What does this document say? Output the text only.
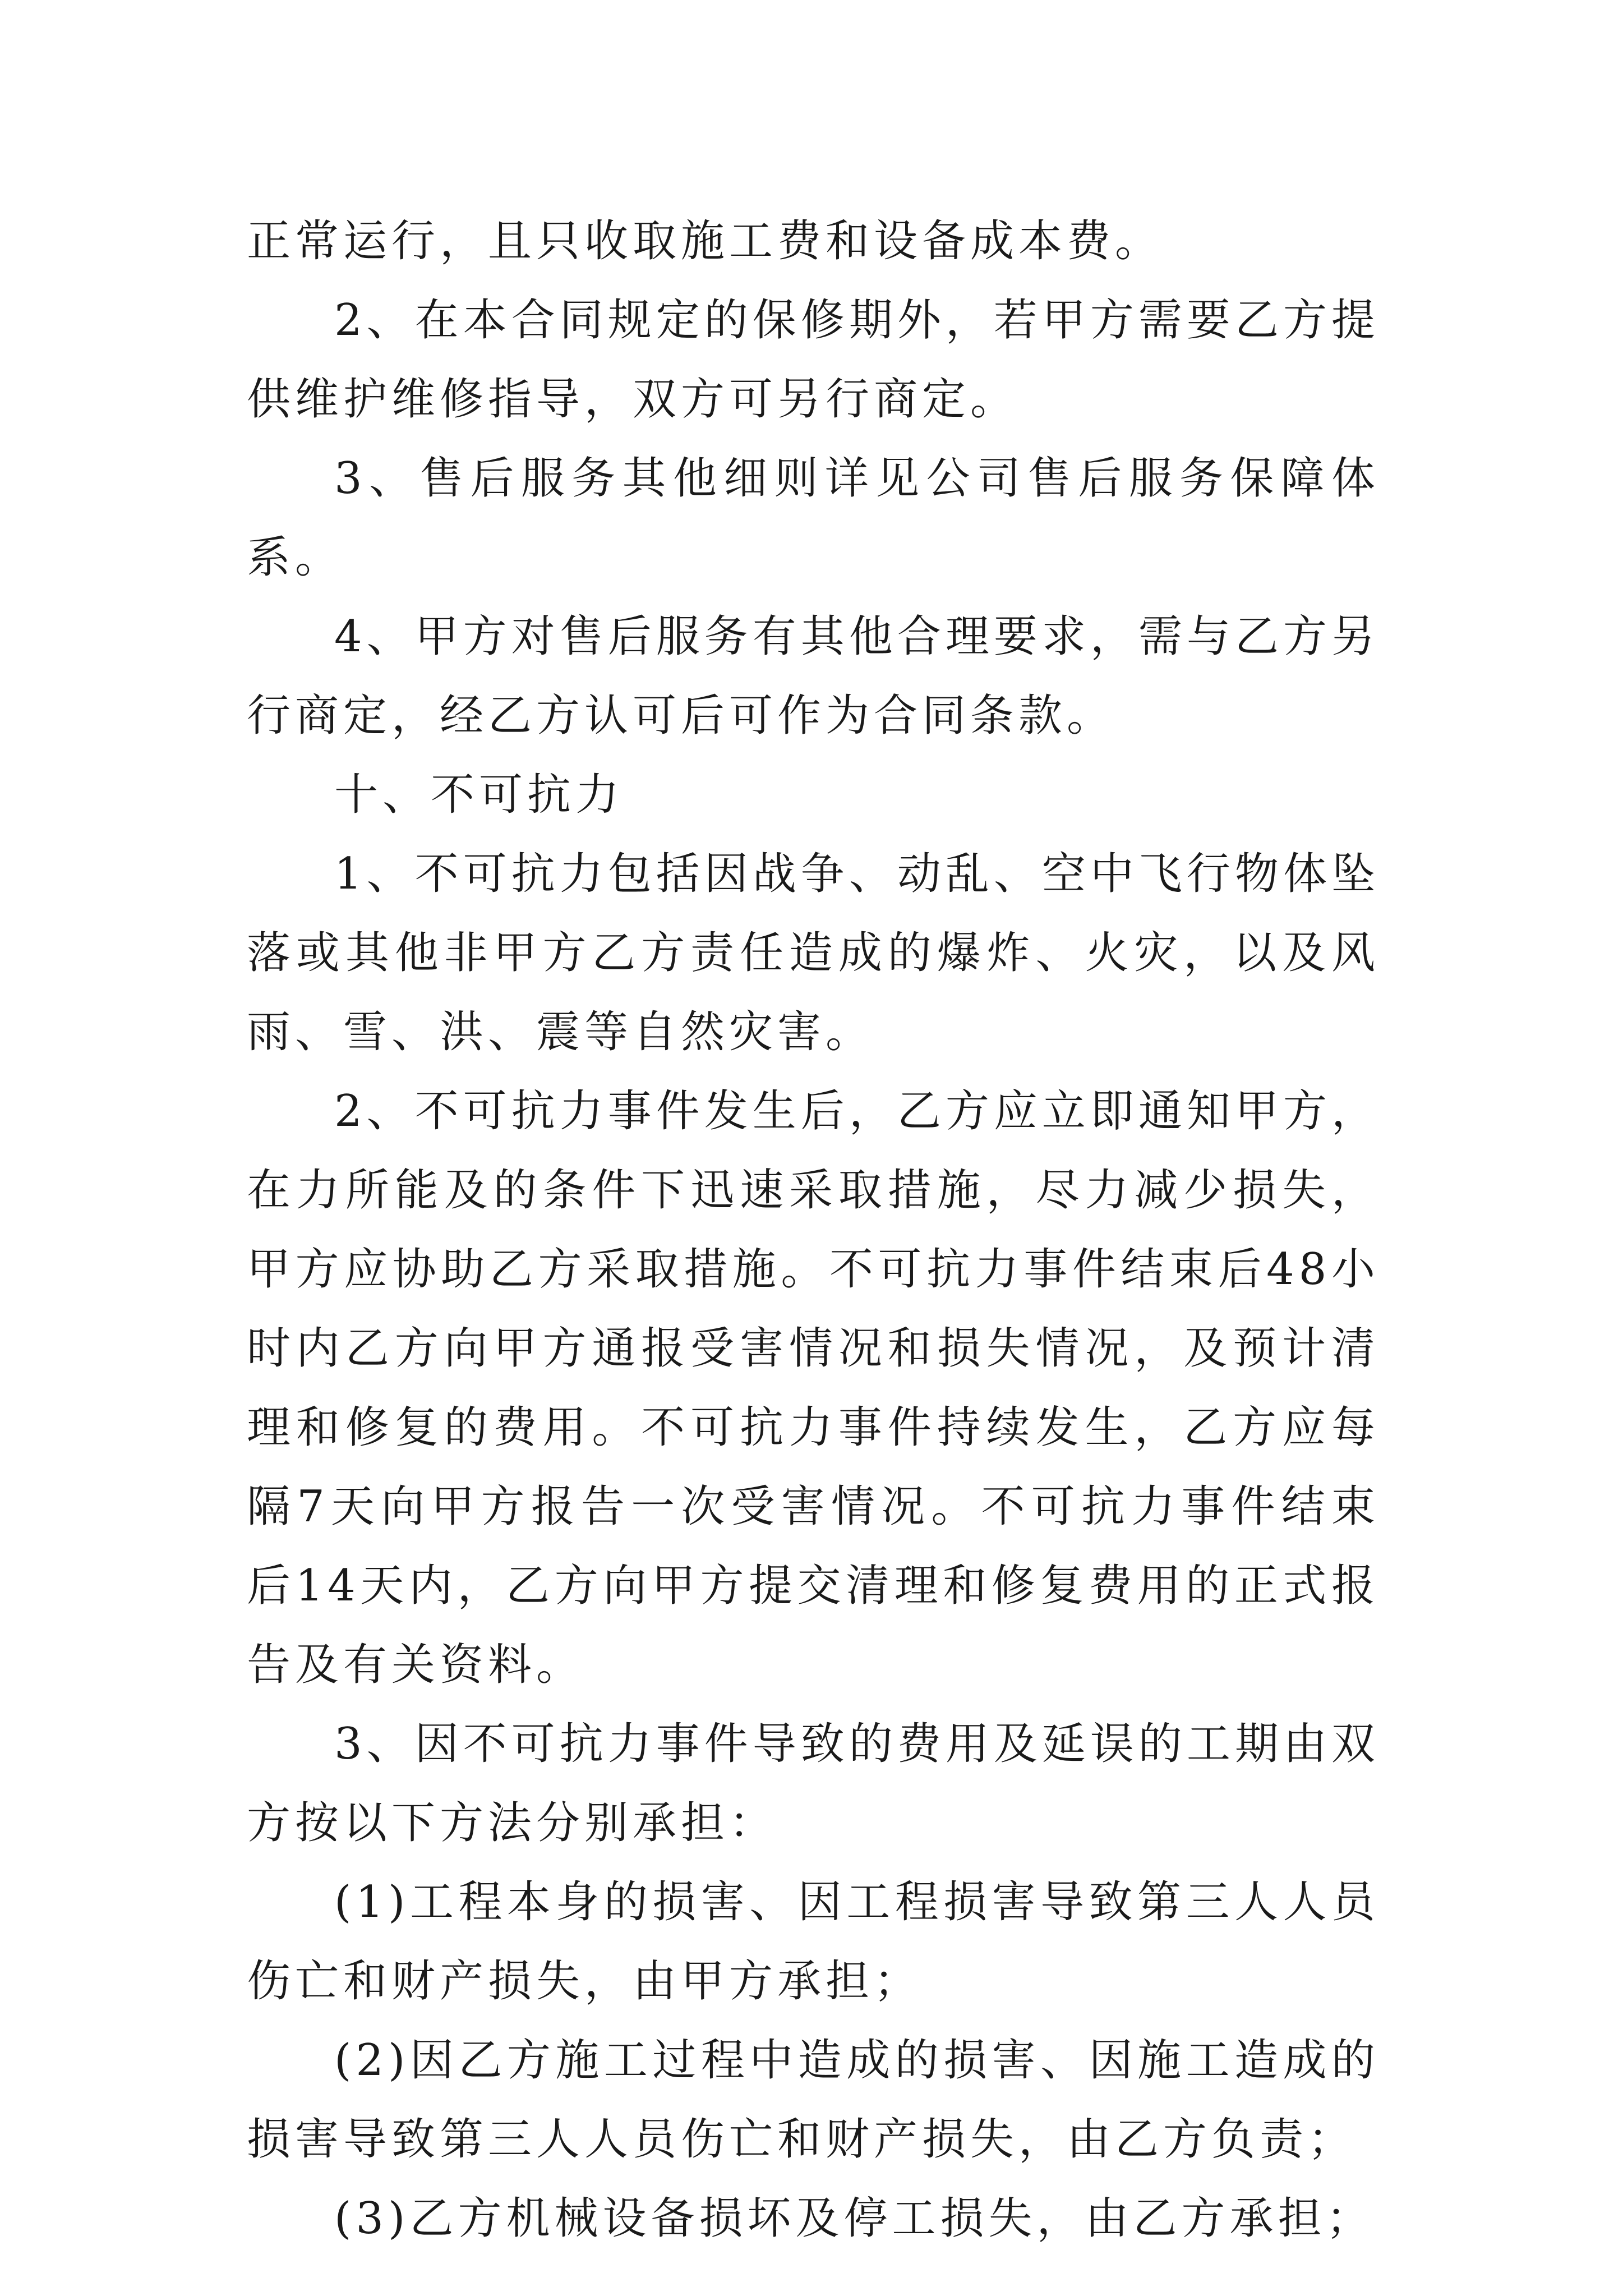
正常运行，且只收取施工费和设备成本费。

2、在本合同规定的保修期外，若甲方需要乙方提供维护维修指导，双方可另行商定。

3、售后服务其他细则详见公司售后服务保障体系。

4、甲方对售后服务有其他合理要求，需与乙方另行商定，经乙方认可后可作为合同条款。

十、不可抗力

1、不可抗力包括因战争、动乱、空中飞行物体坠落或其他非甲方乙方责任造成的爆炸、火灾，以及风雨、雪、洪、震等自然灾害。

2、不可抗力事件发生后，乙方应立即通知甲方，在力所能及的条件下迅速采取措施，尽力减少损失，甲方应协助乙方采取措施。不可抗力事件结束后48小时内乙方向甲方通报受害情况和损失情况，及预计清理和修复的费用。不可抗力事件持续发生，乙方应每隔7天向甲方报告一次受害情况。不可抗力事件结束后14天内，乙方向甲方提交清理和修复费用的正式报告及有关资料。

3、因不可抗力事件导致的费用及延误的工期由双方按以下方法分别承担：

(1)工程本身的损害、因工程损害导致第三人人员伤亡和财产损失，由甲方承担；

(2)因乙方施工过程中造成的损害、因施工造成的损害导致第三人人员伤亡和财产损失，由乙方负责；

(3)乙方机械设备损坏及停工损失，由乙方承担；
